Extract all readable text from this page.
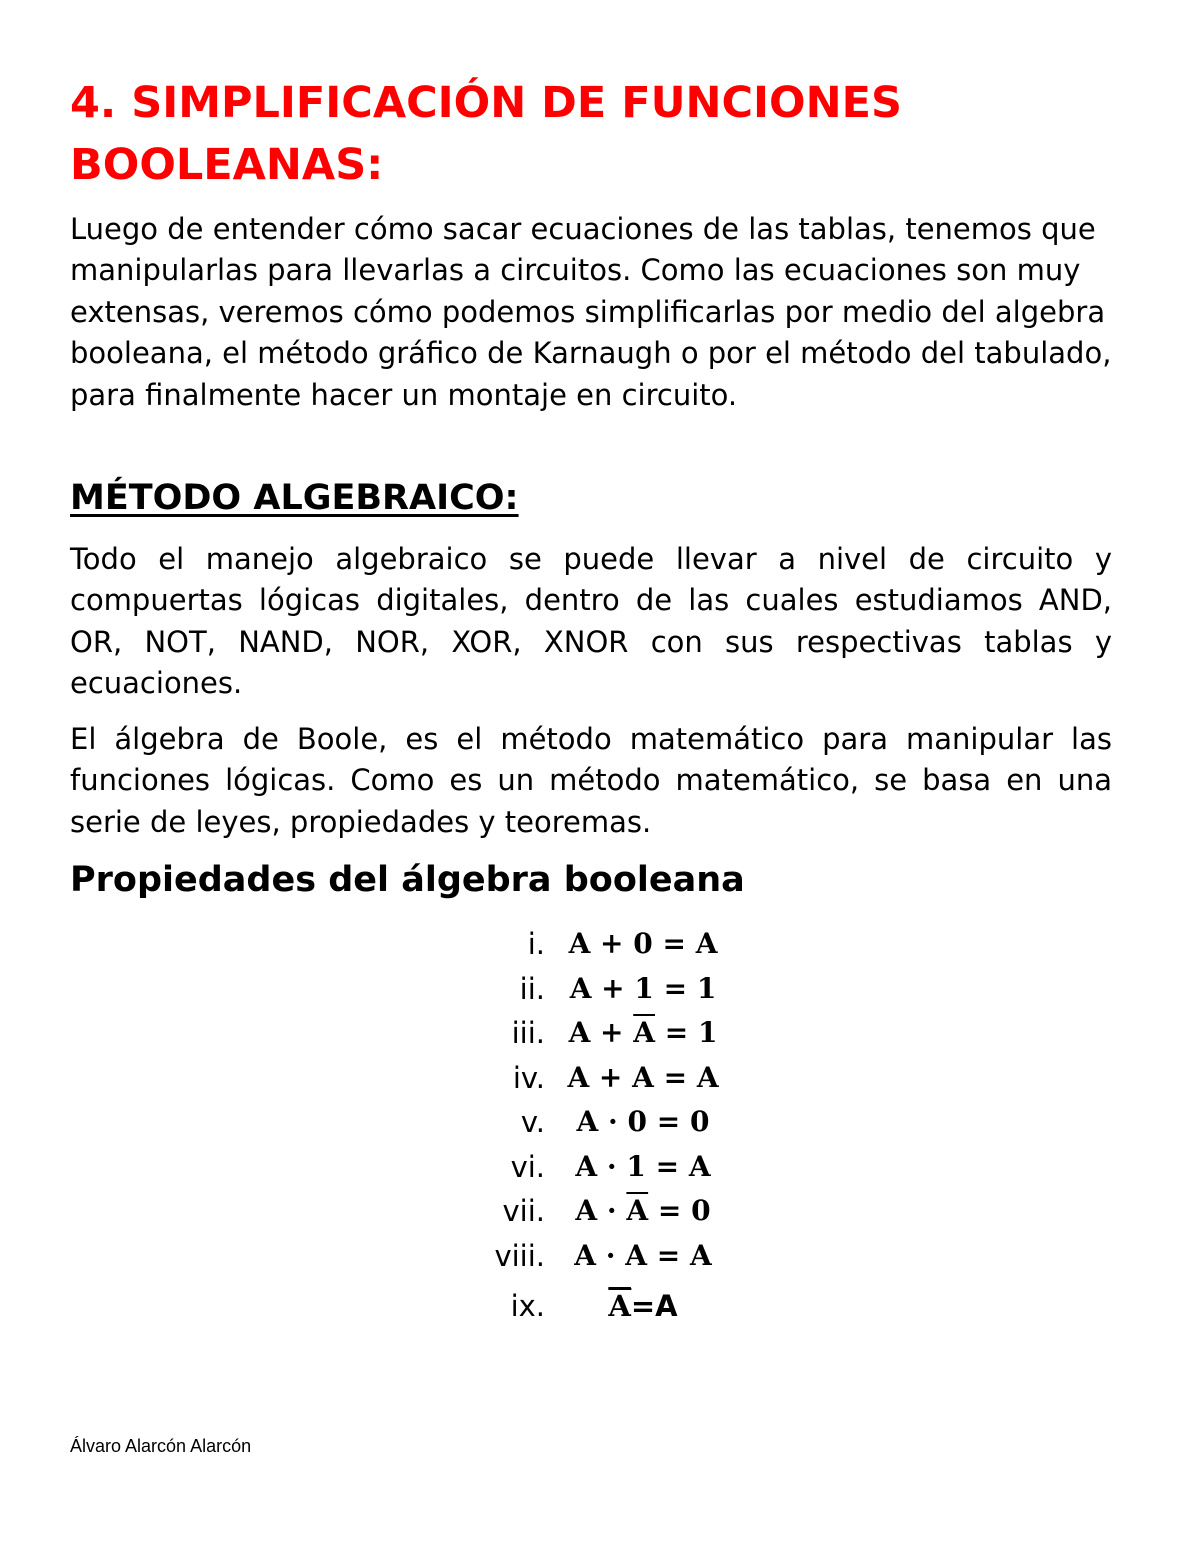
4. SIMPLIFICACIÓN DE FUNCIONES BOOLEANAS:

Luego de entender cómo sacar ecuaciones de las tablas, tenemos que manipularlas para llevarlas a circuitos. Como las ecuaciones son muy extensas, veremos cómo podemos simplificarlas por medio del algebra booleana, el método gráfico de Karnaugh o por el método del tabulado, para finalmente hacer un montaje en circuito.

MÉTODO ALGEBRAICO:

Todo el manejo algebraico se puede llevar a nivel de circuito y compuertas lógicas digitales, dentro de las cuales estudiamos AND, OR, NOT, NAND, NOR, XOR, XNOR con sus respectivas tablas y ecuaciones.

El álgebra de Boole, es el método matemático para manipular las funciones lógicas. Como es un método matemático, se basa en una serie de leyes, propiedades y teoremas.

Propiedades del álgebra booleana
i. A + 0 = A
ii. A + 1 = 1
iii. $A + \overline{A} = 1$
iv. A + A = A
v. A · 0 = 0
vi. A · 1 = A
vii. $A \cdot \overline{A} = 0$
viii. A · A = A
ix. $\overline{A}=A$

Álvaro Alarcón Alarcón
